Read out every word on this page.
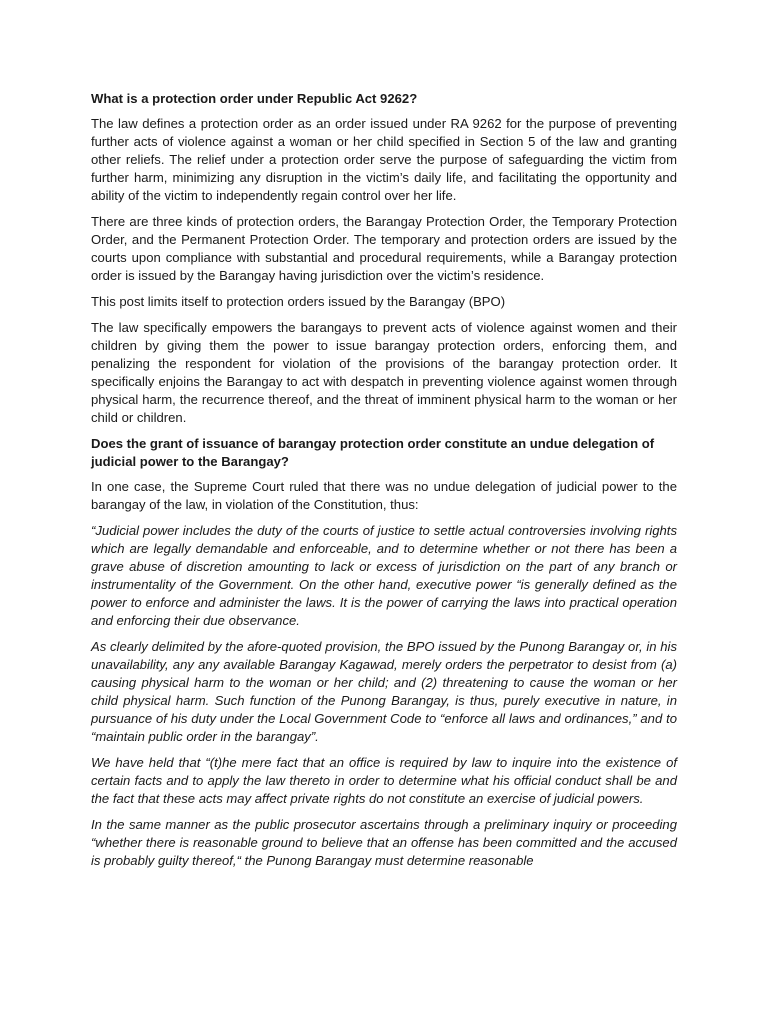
What is a protection order under Republic Act 9262?

The law defines a protection order as an order issued under RA 9262 for the purpose of preventing further acts of violence against a woman or her child specified in Section 5 of the law and granting other reliefs. The relief under a protection order serve the purpose of safeguarding the victim from further harm, minimizing any disruption in the victim’s daily life, and facilitating the opportunity and ability of the victim to independently regain control over her life.

There are three kinds of protection orders, the Barangay Protection Order, the Temporary Protection Order, and the Permanent Protection Order. The temporary and protection orders are issued by the courts upon compliance with substantial and procedural requirements, while a Barangay protection order is issued by the Barangay having jurisdiction over the victim’s residence.

This post limits itself to protection orders issued by the Barangay (BPO)

The law specifically empowers the barangays to prevent acts of violence against women and their children by giving them the power to issue barangay protection orders, enforcing them, and penalizing the respondent for violation of the provisions of the barangay protection order. It specifically enjoins the Barangay to act with despatch in preventing violence against women through physical harm, the recurrence thereof, and the threat of imminent physical harm to the woman or her child or children.

Does the grant of issuance of barangay protection order constitute an undue delegation of judicial power to the Barangay?

In one case, the Supreme Court ruled that there was no undue delegation of judicial power to the barangay of the law, in violation of the Constitution, thus:

“Judicial power includes the duty of the courts of justice to settle actual controversies involving rights which are legally demandable and enforceable, and to determine whether or not there has been a grave abuse of discretion amounting to lack or excess of jurisdiction on the part of any branch or instrumentality of the Government. On the other hand, executive power “is generally defined as the power to enforce and administer the laws. It is the power of carrying the laws into practical operation and enforcing their due observance.

As clearly delimited by the afore-quoted provision, the BPO issued by the Punong Barangay or, in his unavailability, any any available Barangay Kagawad, merely orders the perpetrator to desist from (a) causing physical harm to the woman or her child; and (2) threatening to cause the woman or her child physical harm. Such function of the Punong Barangay, is thus, purely executive in nature, in pursuance of his duty under the Local Government Code to “enforce all laws and ordinances,” and to “maintain public order in the barangay”.

We have held that “(t)he mere fact that an office is required by law to inquire into the existence of certain facts and to apply the law thereto in order to determine what his official conduct shall be and the fact that these acts may affect private rights do not constitute an exercise of judicial powers.

In the same manner as the public prosecutor ascertains through a preliminary inquiry or proceeding “whether there is reasonable ground to believe that an offense has been committed and the accused is probably guilty thereof,“ the Punong Barangay must determine reasonable
